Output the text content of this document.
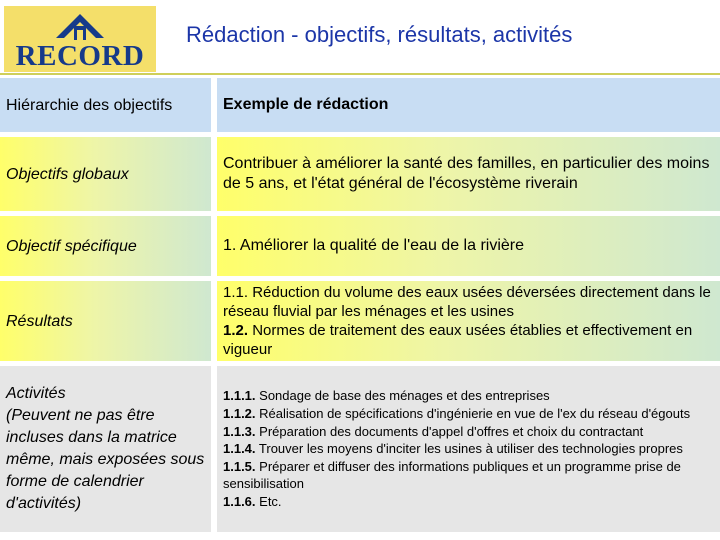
RECORD
Rédaction - objectifs, résultats, activités
Hiérarchie des objectifs	Exemple de rédaction
Objectifs globaux
Contribuer à améliorer la santé des familles, en particulier des moins de 5 ans, et l'état général de l'écosystème riverain
Objectif spécifique	1. Améliorer la qualité de l'eau de la rivière
Résultats
1.1. Réduction du volume des eaux usées déversées directement dans le réseau fluvial par les ménages et les usines
1.2. Normes de traitement des eaux usées établies et effectivement en vigueur
Activités
(Peuvent ne pas être incluses dans la matrice même, mais exposées sous forme de calendrier d'activités)
1.1.1. Sondage de base des ménages et des entreprises
1.1.2. Réalisation de spécifications d'ingénierie en vue de l'ex du réseau d'égouts
1.1.3. Préparation des documents d'appel d'offres et choix du contractant
1.1.4. Trouver les moyens d'inciter les usines à utiliser des technologies propres
1.1.5. Préparer et diffuser des informations publiques et un programme prise de sensibilisation
1.1.6. Etc.
